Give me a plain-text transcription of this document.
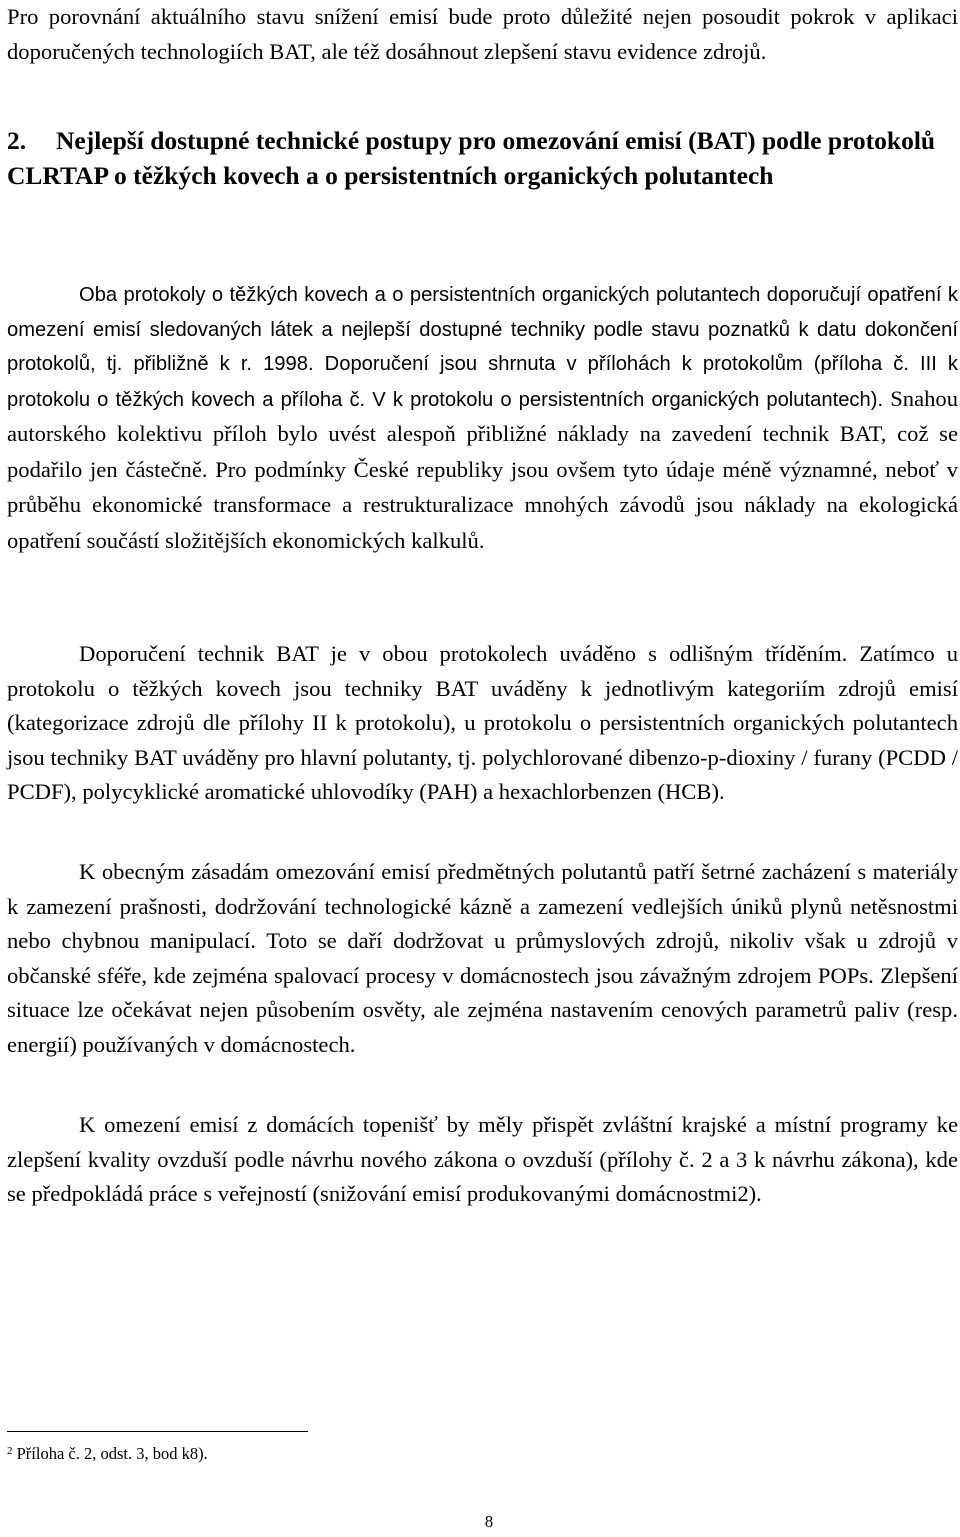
Pro porovnání aktuálního stavu snížení emisí bude proto důležité nejen posoudit pokrok v aplikaci doporučených technologiích BAT, ale též dosáhnout zlepšení stavu evidence zdrojů.

2. Nejlepší dostupné technické postupy pro omezování emisí (BAT) podle protokolů CLRTAP o těžkých kovech a o persistentních organických polutantech

Oba protokoly o těžkých kovech a o persistentních organických polutantech doporučují opatření k omezení emisí sledovaných látek a nejlepší dostupné techniky podle stavu poznatků k datu dokončení protokolů, tj. přibližně k r. 1998. Doporučení jsou shrnuta v přílohách k protokolům (příloha č. III k protokolu o těžkých kovech a příloha č. V k protokolu o persistentních organických polutantech). Snahou autorského kolektivu příloh bylo uvést alespoň přibližné náklady na zavedení technik BAT, což se podařilo jen částečně. Pro podmínky České republiky jsou ovšem tyto údaje méně významné, neboť v průběhu ekonomické transformace a restrukturalizace mnohých závodů jsou náklady na ekologická opatření součástí složitějších ekonomických kalkulů.

Doporučení technik BAT je v obou protokolech uváděno s odlišným tříděním. Zatímco u protokolu o těžkých kovech jsou techniky BAT uváděny k jednotlivým kategoriím zdrojů emisí (kategorizace zdrojů dle přílohy II k protokolu), u protokolu o persistentních organických polutantech jsou techniky BAT uváděny pro hlavní polutanty, tj. polychlorované dibenzo-p-dioxiny / furany (PCDD / PCDF), polycyklické aromatické uhlovodíky (PAH) a hexachlorbenzen (HCB).

K obecným zásadám omezování emisí předmětných polutantů patří šetrné zacházení s materiály k zamezení prašnosti, dodržování technologické kázně a zamezení vedlejších úniků plynů netěsnostmi nebo chybnou manipulací. Toto se daří dodržovat u průmyslových zdrojů, nikoliv však u zdrojů v občanské sféře, kde zejména spalovací procesy v domácnostech jsou závažným zdrojem POPs. Zlepšení situace lze očekávat nejen působením osvěty, ale zejména nastavením cenových parametrů paliv (resp. energií) používaných v domácnostech.

K omezení emisí z domácích topenišť by měly přispět zvláštní krajské a místní programy ke zlepšení kvality ovzduší podle návrhu nového zákona o ovzduší (přílohy č. 2 a 3 k návrhu zákona), kde se předpokládá práce s veřejností (snižování emisí produkovanými domácnostmi2).

$^2$ Příloha č. 2, odst. 3, bod k8).

8
